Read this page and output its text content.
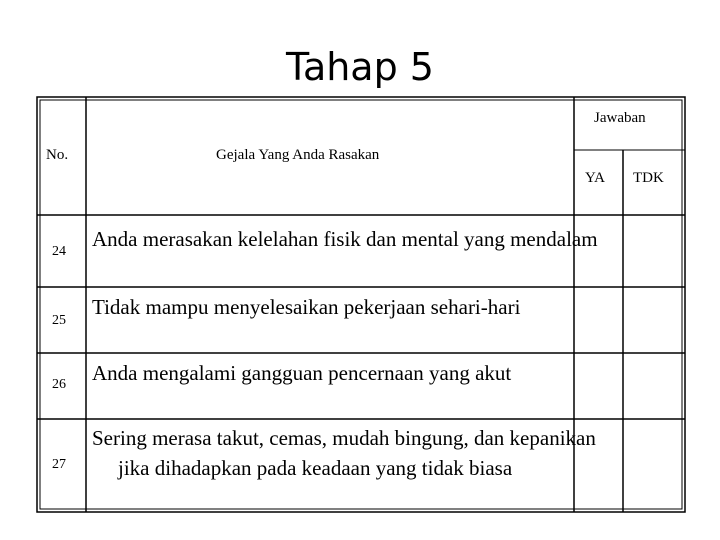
Tahap 5
No.	Gejala Yang Anda Rasakan
Jawaban
YA TDK
24
Anda merasakan kelelahan fisik dan mental yang mendalam
25
Tidak mampu menyelesaikan pekerjaan sehari-hari
26 Anda mengalami gangguan pencernaan yang akut
27
Sering merasa takut, cemas, mudah bingung, dan kepanikan jika dihadapkan pada keadaan yang tidak biasa
